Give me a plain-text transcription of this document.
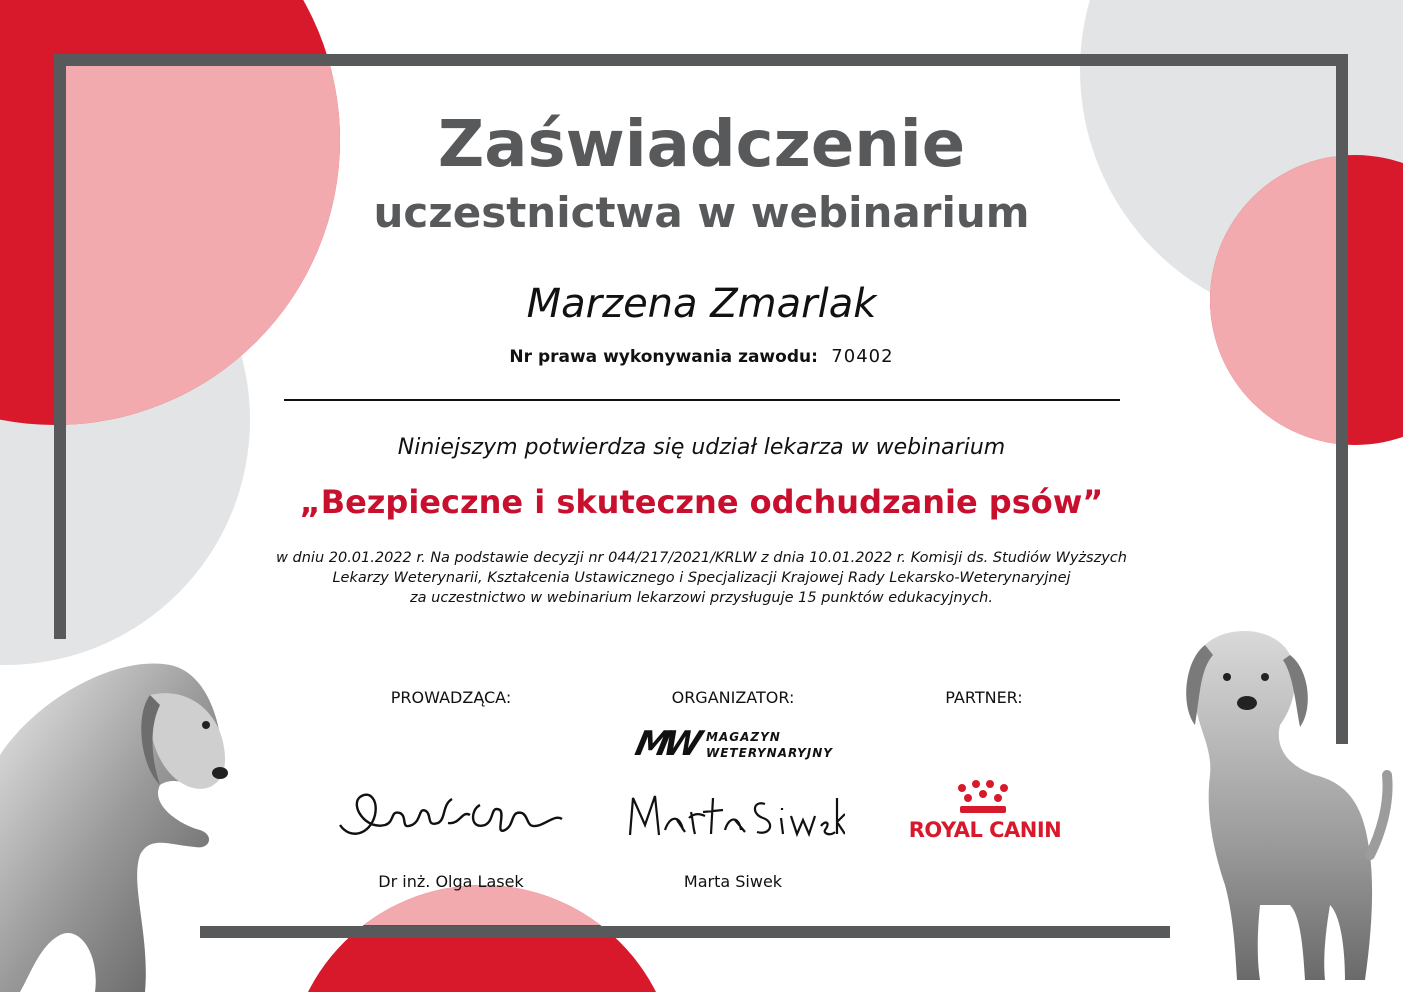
Zaświadczenie
uczestnictwa w webinarium
Marzena Zmarlak
Nr prawa wykonywania zawodu: 70402
Niniejszym potwierdza się udział lekarza w webinarium
„Bezpieczne i skuteczne odchudzanie psów”
w dniu 20.01.2022 r. Na podstawie decyzji nr 044/217/2021/KRLW z dnia 10.01.2022 r. Komisji ds. Studiów Wyższych
Lekarzy Weterynarii, Kształcenia Ustawicznego i Specjalizacji Krajowej Rady Lekarsko-Weterynaryjnej
za uczestnictwo w webinarium lekarzowi przysługuje 15 punktów edukacyjnych.
PROWADZĄCA:	ORGANIZATOR:	PARTNER:
MW MAGAZYN
WETERYNARYJNY
ROYAL CANIN
Dr inż. Olga Lasek	Marta Siwek
